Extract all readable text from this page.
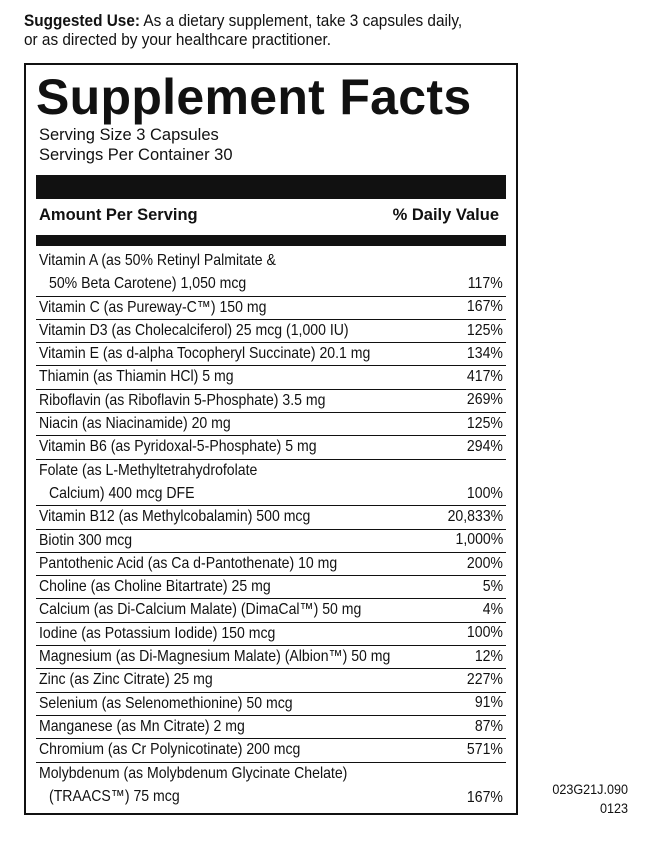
Suggested Use: As a dietary supplement, take 3 capsules daily,
or as directed by your healthcare practitioner.
Supplement Facts
Serving Size 3 Capsules
Servings Per Container 30
Amount Per Serving	% Daily Value
Vitamin A (as 50% Retinyl Palmitate &
50% Beta Carotene) 1,050 mcg	117%
Vitamin C (as Pureway-C™) 150 mg	167%
Vitamin D3 (as Cholecalciferol) 25 mcg (1,000 IU)	125%
Vitamin E (as d-alpha Tocopheryl Succinate) 20.1 mg	134%
Thiamin (as Thiamin HCl) 5 mg	417%
Riboflavin (as Riboflavin 5-Phosphate) 3.5 mg	269%
Niacin (as Niacinamide) 20 mg	125%
Vitamin B6 (as Pyridoxal-5-Phosphate) 5 mg	294%
Folate (as L-Methyltetrahydrofolate
Calcium) 400 mcg DFE	100%
Vitamin B12 (as Methylcobalamin) 500 mcg	20,833%
Biotin 300 mcg	1,000%
Pantothenic Acid (as Ca d-Pantothenate) 10 mg	200%
Choline (as Choline Bitartrate) 25 mg	5%
Calcium (as Di-Calcium Malate) (DimaCal™) 50 mg	4%
Iodine (as Potassium Iodide) 150 mcg	100%
Magnesium (as Di-Magnesium Malate) (Albion™) 50 mg	12%
Zinc (as Zinc Citrate) 25 mg	227%
Selenium (as Selenomethionine) 50 mcg	91%
Manganese (as Mn Citrate) 2 mg	87%
Chromium (as Cr Polynicotinate) 200 mcg	571%
Molybdenum (as Molybdenum Glycinate Chelate)
(TRAACS™) 75 mcg	167%	023G21J.090
0123
